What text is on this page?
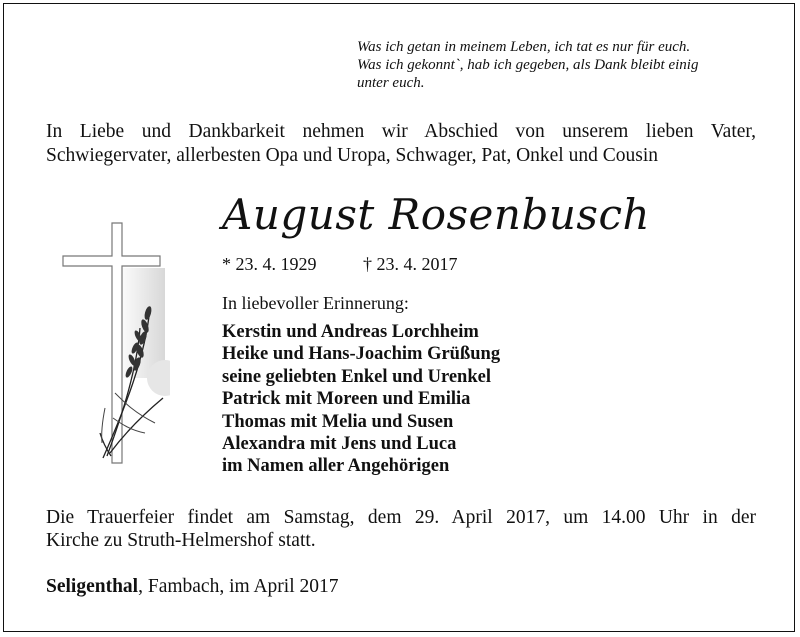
Was ich getan in meinem Leben, ich tat es nur für euch.
Was ich gekonnt`, hab ich gegeben, als Dank bleibt einig
unter euch.
In Liebe und Dankbarkeit nehmen wir Abschied von unserem lieben Vater,
Schwiegervater, allerbesten Opa und Uropa, Schwager, Pat, Onkel und Cousin
August Rosenbusch
* 23. 4. 1929	† 23. 4. 2017
In liebevoller Erinnerung:
Kerstin und Andreas Lorchheim
Heike und Hans-Joachim Grüßung
seine geliebten Enkel und Urenkel
Patrick mit Moreen und Emilia
Thomas mit Melia und Susen
Alexandra mit Jens und Luca
im Namen aller Angehörigen
Die Trauerfeier findet am Samstag, dem 29. April 2017, um 14.00 Uhr in der
Kirche zu Struth-Helmershof statt.
Seligenthal, Fambach, im April 2017
